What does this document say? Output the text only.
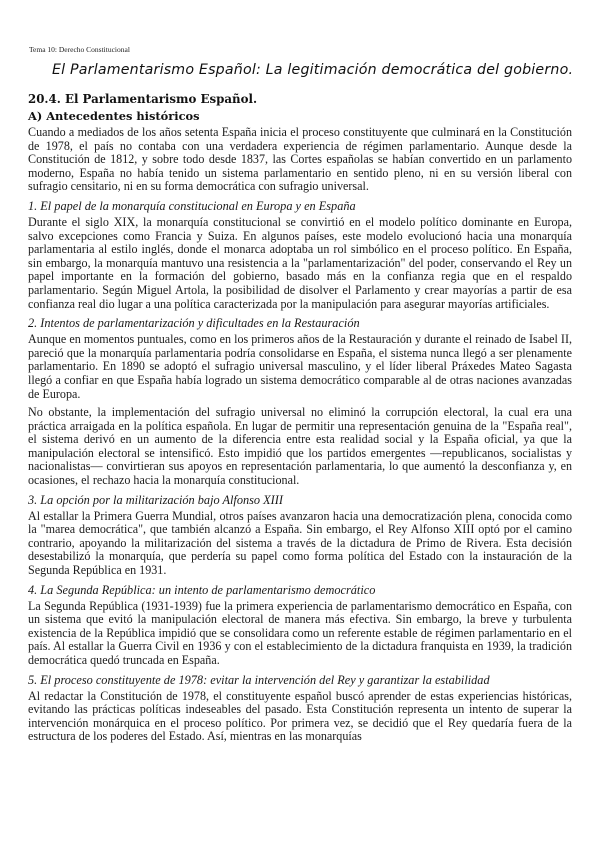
Tema 10: Derecho Constitucional
El Parlamentarismo Español: La legitimación democrática del gobierno.
20.4. El Parlamentarismo Español.
A) Antecedentes históricos

Cuando a mediados de los años setenta España inicia el proceso constituyente que culminará en la Constitución de 1978, el país no contaba con una verdadera experiencia de régimen parlamentario. Aunque desde la Constitución de 1812, y sobre todo desde 1837, las Cortes españolas se habían convertido en un parlamento moderno, España no había tenido un sistema parlamentario en sentido pleno, ni en su versión liberal con sufragio censitario, ni en su forma democrática con sufragio universal.

1. El papel de la monarquía constitucional en Europa y en España

Durante el siglo XIX, la monarquía constitucional se convirtió en el modelo político dominante en Europa, salvo excepciones como Francia y Suiza. En algunos países, este modelo evolucionó hacia una monarquía parlamentaria al estilo inglés, donde el monarca adoptaba un rol simbólico en el proceso político. En España, sin embargo, la monarquía mantuvo una resistencia a la "parlamentarización" del poder, conservando el Rey un papel importante en la formación del gobierno, basado más en la confianza regia que en el respaldo parlamentario. Según Miguel Artola, la posibilidad de disolver el Parlamento y crear mayorías a partir de esa confianza real dio lugar a una política caracterizada por la manipulación para asegurar mayorías artificiales.

2. Intentos de parlamentarización y dificultades en la Restauración

Aunque en momentos puntuales, como en los primeros años de la Restauración y durante el reinado de Isabel II, pareció que la monarquía parlamentaria podría consolidarse en España, el sistema nunca llegó a ser plenamente parlamentario. En 1890 se adoptó el sufragio universal masculino, y el líder liberal Práxedes Mateo Sagasta llegó a confiar en que España había logrado un sistema democrático comparable al de otras naciones avanzadas de Europa.

No obstante, la implementación del sufragio universal no eliminó la corrupción electoral, la cual era una práctica arraigada en la política española. En lugar de permitir una representación genuina de la "España real", el sistema derivó en un aumento de la diferencia entre esta realidad social y la España oficial, ya que la manipulación electoral se intensificó. Esto impidió que los partidos emergentes —republicanos, socialistas y nacionalistas— convirtieran sus apoyos en representación parlamentaria, lo que aumentó la desconfianza y, en ocasiones, el rechazo hacia la monarquía constitucional.

3. La opción por la militarización bajo Alfonso XIII

Al estallar la Primera Guerra Mundial, otros países avanzaron hacia una democratización plena, conocida como la "marea democrática", que también alcanzó a España. Sin embargo, el Rey Alfonso XIII optó por el camino contrario, apoyando la militarización del sistema a través de la dictadura de Primo de Rivera. Esta decisión desestabilizó la monarquía, que perdería su papel como forma política del Estado con la instauración de la Segunda República en 1931.

4. La Segunda República: un intento de parlamentarismo democrático

La Segunda República (1931-1939) fue la primera experiencia de parlamentarismo democrático en España, con un sistema que evitó la manipulación electoral de manera más efectiva. Sin embargo, la breve y turbulenta existencia de la República impidió que se consolidara como un referente estable de régimen parlamentario en el país. Al estallar la Guerra Civil en 1936 y con el establecimiento de la dictadura franquista en 1939, la tradición democrática quedó truncada en España.

5. El proceso constituyente de 1978: evitar la intervención del Rey y garantizar la estabilidad

Al redactar la Constitución de 1978, el constituyente español buscó aprender de estas experiencias históricas, evitando las prácticas políticas indeseables del pasado. Esta Constitución representa un intento de superar la intervención monárquica en el proceso político. Por primera vez, se decidió que el Rey quedaría fuera de la estructura de los poderes del Estado. Así, mientras en las monarquías
